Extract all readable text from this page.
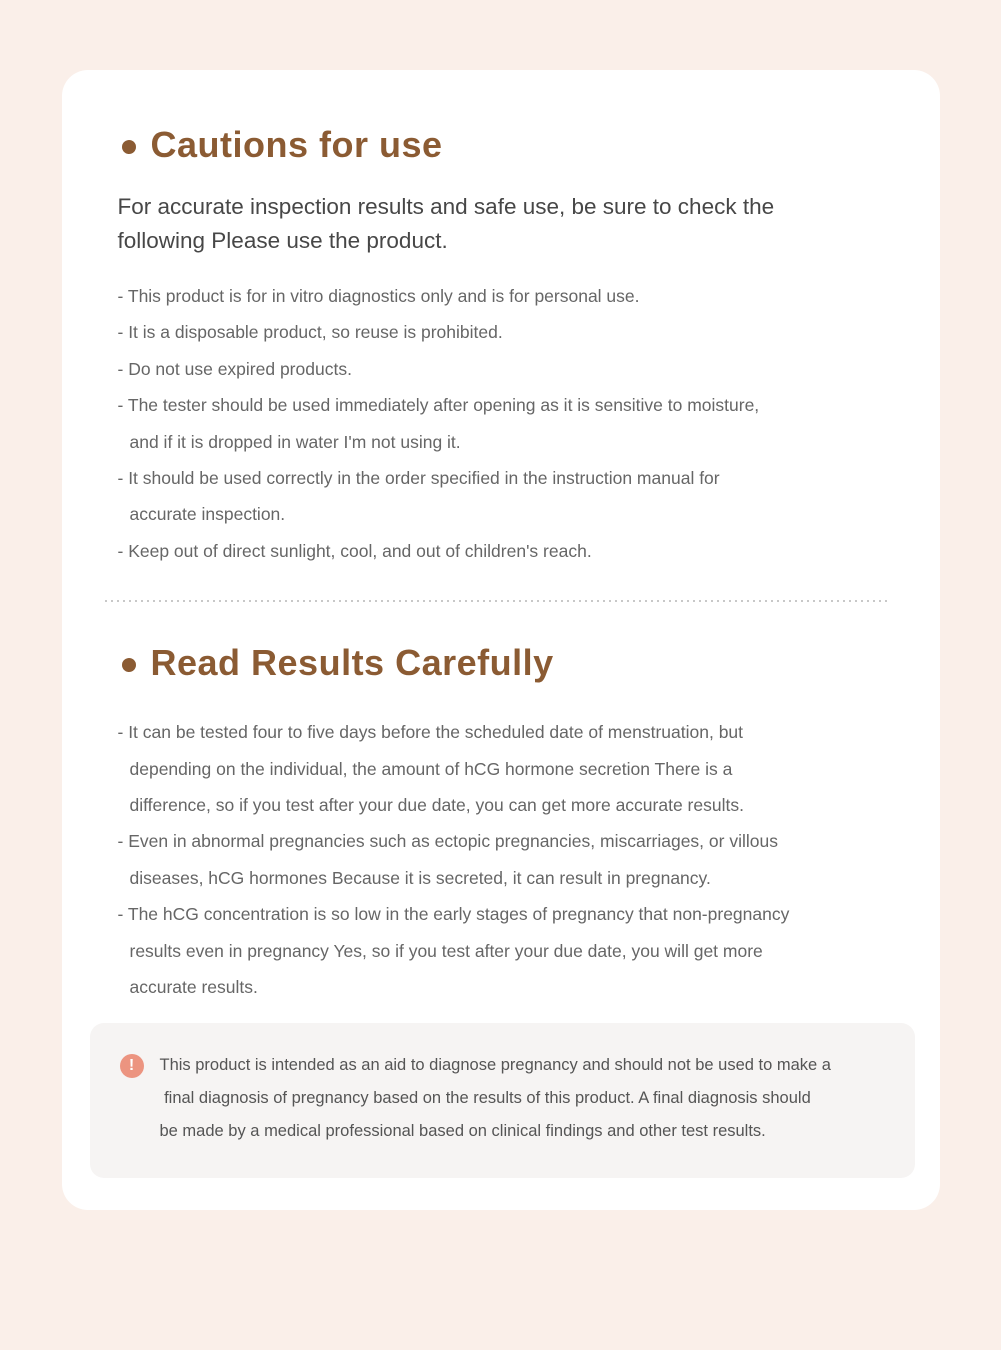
Cautions for use
For accurate inspection results and safe use, be sure to check the
following Please use the product.
- This product is for in vitro diagnostics only and is for personal use.
- It is a disposable product, so reuse is prohibited.
- Do not use expired products.
- The tester should be used immediately after opening as it is sensitive to moisture,
and if it is dropped in water I'm not using it.
- It should be used correctly in the order specified in the instruction manual for
accurate inspection.
- Keep out of direct sunlight, cool, and out of children's reach.
Read Results Carefully
- It can be tested four to five days before the scheduled date of menstruation, but
depending on the individual, the amount of hCG hormone secretion There is a
difference, so if you test after your due date, you can get more accurate results.
- Even in abnormal pregnancies such as ectopic pregnancies, miscarriages, or villous
diseases, hCG hormones Because it is secreted, it can result in pregnancy.
- The hCG concentration is so low in the early stages of pregnancy that non-pregnancy
results even in pregnancy Yes, so if you test after your due date, you will get more
accurate results.
! This product is intended as an aid to diagnose pregnancy and should not be used to make a
final diagnosis of pregnancy based on the results of this product. A final diagnosis should
be made by a medical professional based on clinical findings and other test results.
